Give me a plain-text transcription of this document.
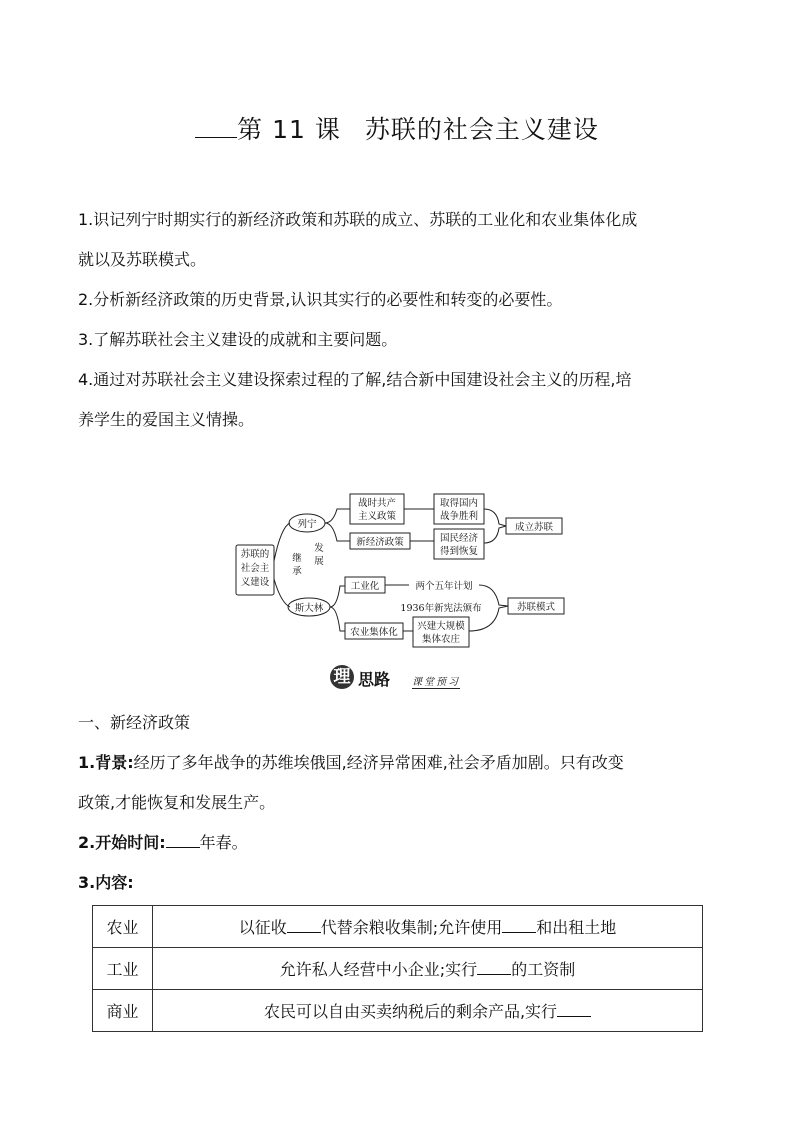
第 11 课 苏联的社会主义建设

1.识记列宁时期实行的新经济政策和苏联的成立、苏联的工业化和农业集体化成

就以及苏联模式。

2.分析新经济政策的历史背景,认识其实行的必要性和转变的必要性。

3.了解苏联社会主义建设的成就和主要问题。

4.通过对苏联社会主义建设探索过程的了解,结合新中国建设社会主义的历程,培

养学生的爱国主义情操。

苏联的
社会主
义建设
列宁
斯大林
战时共产
主义政策
新经济政策
取得国内
战争胜利
国民经济
得到恢复
成立苏联
工业化	两个五年计划
1936年新宪法颁布
农业集体化
兴建大规模
集体农庄
苏联模式
继
承
发
展
理 思路 课堂预习

一、新经济政策

1.背景:经历了多年战争的苏维埃俄国,经济异常困难,社会矛盾加剧。只有改变

政策,才能恢复和发展生产。

2.开始时间: 年春。

3.内容:

农业	以征收 代替余粮收集制;允许使用 和出租土地
工业	允许私人经营中小企业;实行 的工资制
商业	农民可以自由买卖纳税后的剩余产品,实行
